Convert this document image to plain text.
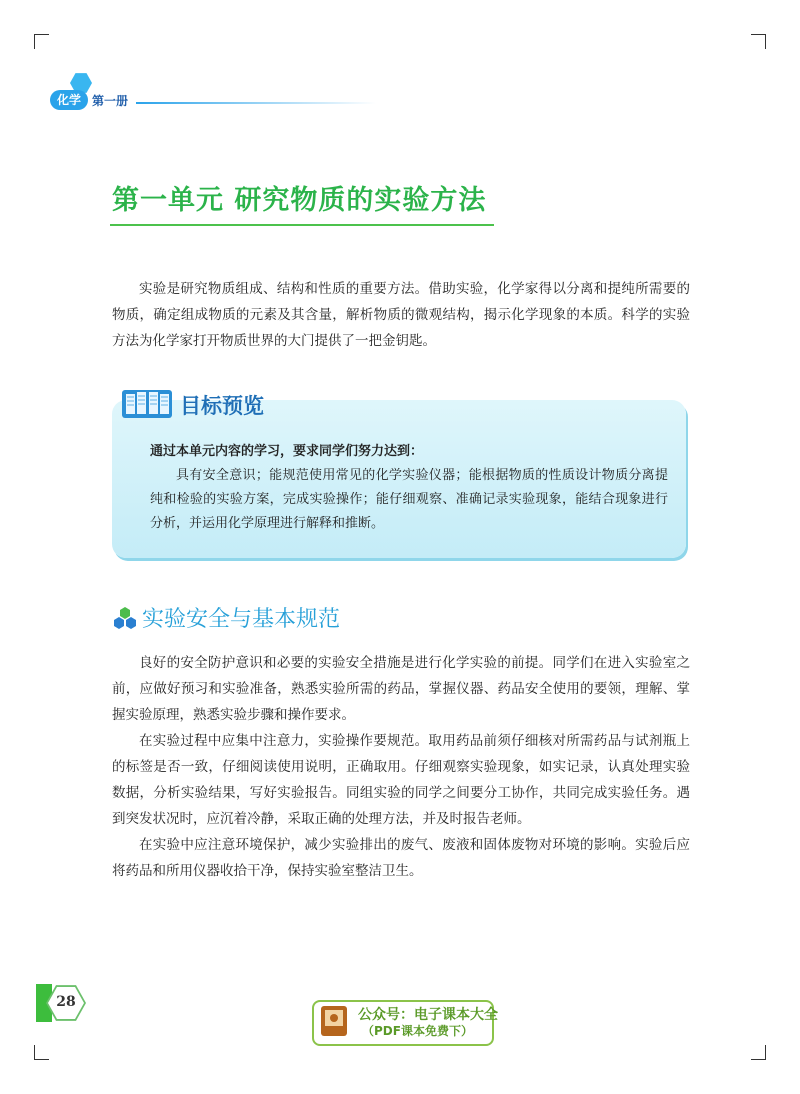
化学 第一册
第一单元 研究物质的实验方法

实验是研究物质组成、结构和性质的重要方法。借助实验，化学家得以分离和提纯所需要的物质，确定组成物质的元素及其含量，解析物质的微观结构，揭示化学现象的本质。科学的实验方法为化学家打开物质世界的大门提供了一把金钥匙。

目标预览
通过本单元内容的学习，要求同学们努力达到：

具有安全意识；能规范使用常见的化学实验仪器；能根据物质的性质设计物质分离提纯和检验的实验方案，完成实验操作；能仔细观察、准确记录实验现象，能结合现象进行分析，并运用化学原理进行解释和推断。

实验安全与基本规范

良好的安全防护意识和必要的实验安全措施是进行化学实验的前提。同学们在进入实验室之前，应做好预习和实验准备，熟悉实验所需的药品，掌握仪器、药品安全使用的要领，理解、掌握实验原理，熟悉实验步骤和操作要求。

在实验过程中应集中注意力，实验操作要规范。取用药品前须仔细核对所需药品与试剂瓶上的标签是否一致，仔细阅读使用说明，正确取用。仔细观察实验现象，如实记录，认真处理实验数据，分析实验结果，写好实验报告。同组实验的同学之间要分工协作，共同完成实验任务。遇到突发状况时，应沉着冷静，采取正确的处理方法，并及时报告老师。

在实验中应注意环境保护，减少实验排出的废气、废液和固体废物对环境的影响。实验后应将药品和所用仪器收拾干净，保持实验室整洁卫生。

28
公众号：电子课本大全
（PDF课本免费下）
